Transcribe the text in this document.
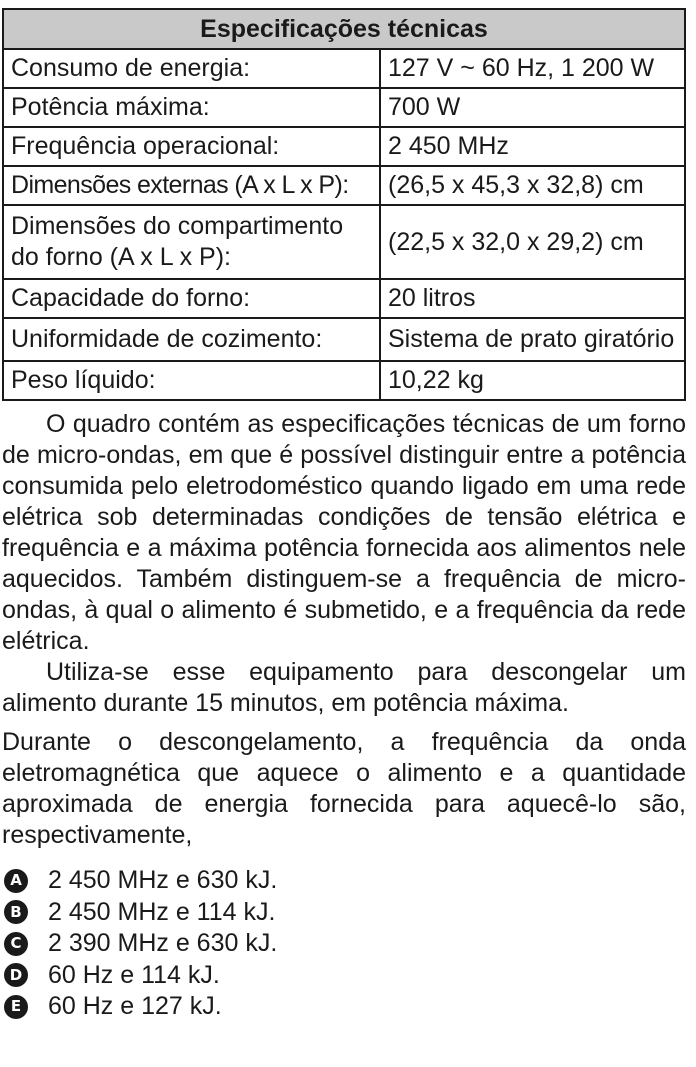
Especificações técnicas	
Consumo de energia:	127 V ~ 60 Hz, 1 200 W
Potência máxima:	700 W
Frequência operacional:	2 450 MHz
Dimensões externas (A x L x P):	(26,5 x 45,3 x 32,8) cm
Dimensões do compartimento do forno (A x L x P):	(22,5 x 32,0 x 29,2) cm
Capacidade do forno:	20 litros
Uniformidade de cozimento:	Sistema de prato giratório
Peso líquido:	10,22 kg

O quadro contém as especificações técnicas de um forno de micro-ondas, em que é possível distinguir entre a potência consumida pelo eletrodoméstico quando ligado em uma rede elétrica sob determinadas condições de tensão elétrica e frequência e a máxima potência fornecida aos alimentos nele aquecidos. Também distinguem-se a frequência de micro-ondas, à qual o alimento é submetido, e a frequência da rede elétrica.

Utiliza-se esse equipamento para descongelar um alimento durante 15 minutos, em potência máxima.

Durante o descongelamento, a frequência da onda eletromagnética que aquece o alimento e a quantidade aproximada de energia fornecida para aquecê-lo são, respectivamente,

A 2 450 MHz e 630 kJ.
B 2 450 MHz e 114 kJ.
C 2 390 MHz e 630 kJ.
D 60 Hz e 114 kJ.
E 60 Hz e 127 kJ.
